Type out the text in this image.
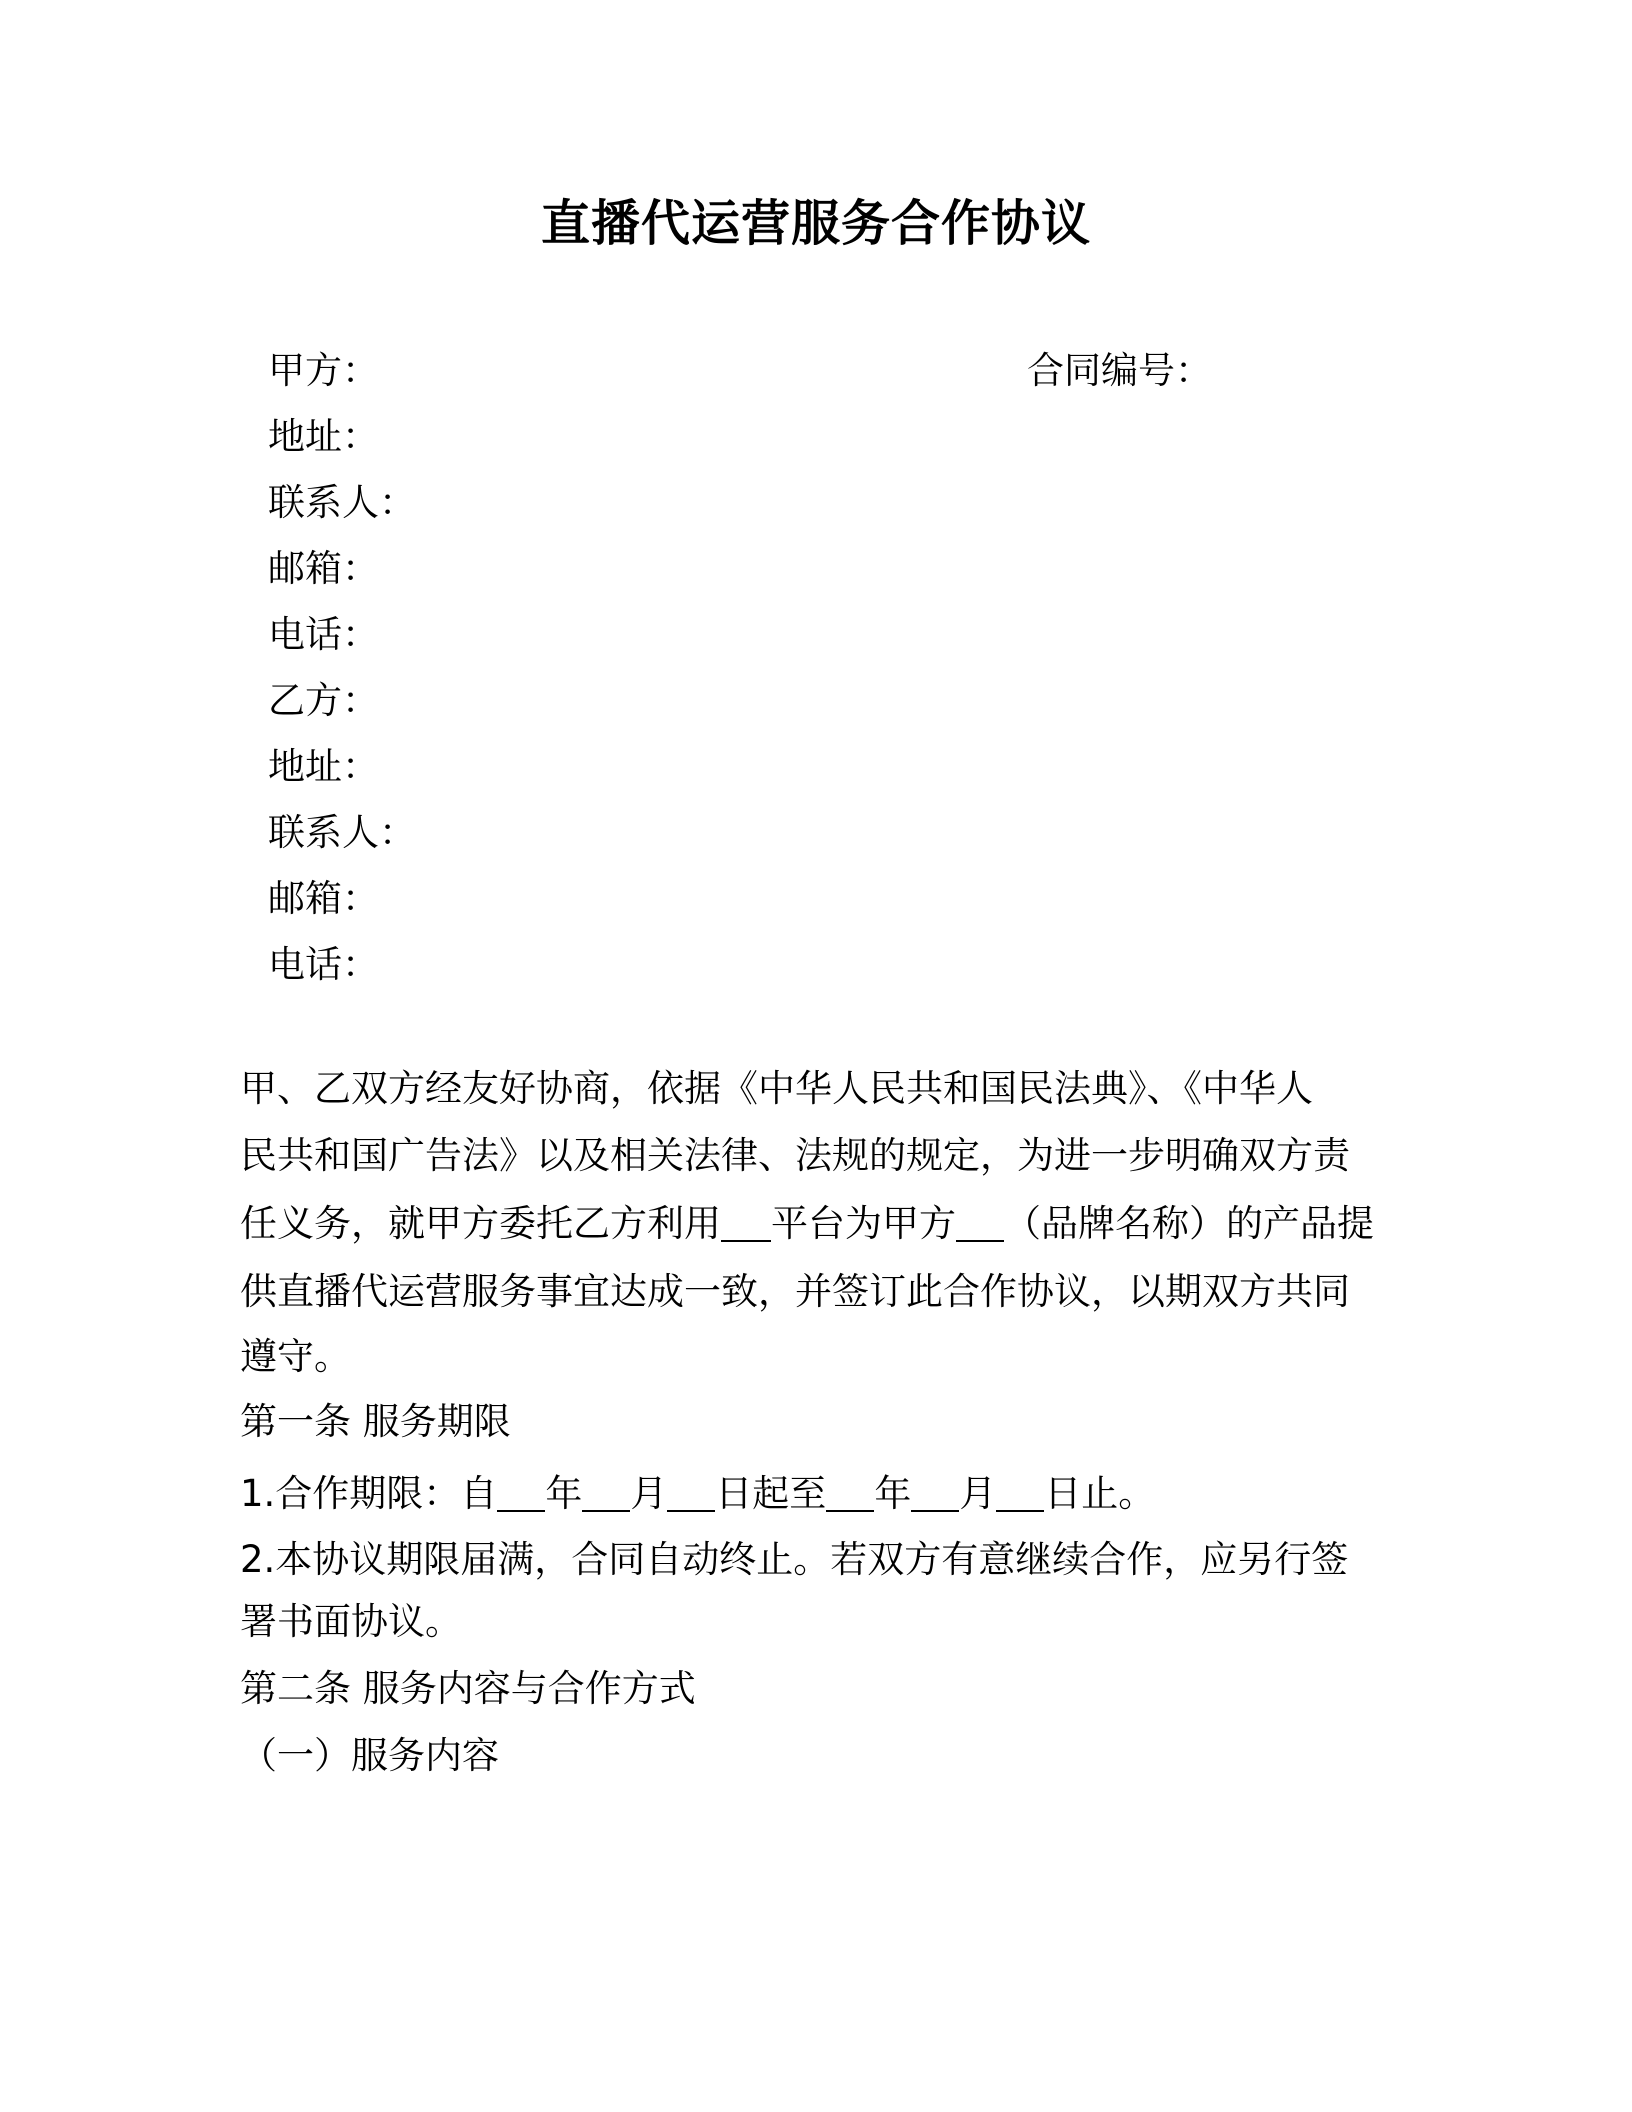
直播代运营服务合作协议
合同编号：
甲方：
地址：
联系人：
邮箱：
电话：
乙方：
地址：
联系人：
邮箱：
电话：
甲、乙双方经友好协商，依据《中华人民共和国民法典》、《中华人
民共和国广告法》以及相关法律、法规的规定，为进一步明确双方责
任义务，就甲方委托乙方利用 平台为甲方 （品牌名称）的产品提
供直播代运营服务事宜达成一致，并签订此合作协议，以期双方共同
遵守。
第一条 服务期限
1.合作期限：自 年 月 日起至 年 月 日止。
2.本协议期限届满，合同自动终止。若双方有意继续合作，应另行签
署书面协议。
第二条 服务内容与合作方式
（一）服务内容
